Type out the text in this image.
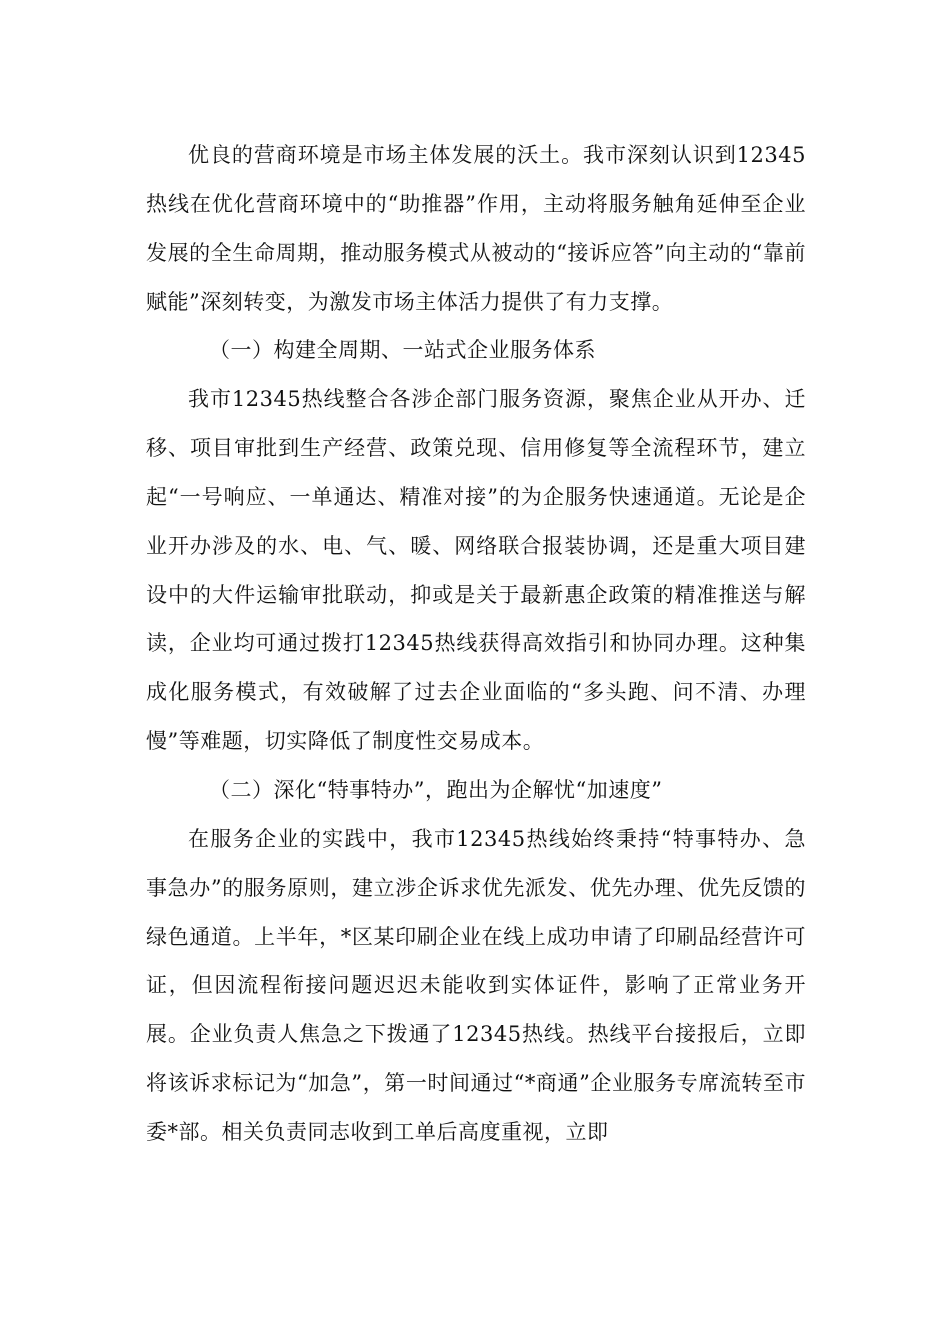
优良的营商环境是市场主体发展的沃土。我市深刻认识到12345热线在优化营商环境中的“助推器”作用，主动将服务触角延伸至企业发展的全生命周期，推动服务模式从被动的“接诉应答”向主动的“靠前赋能”深刻转变，为激发市场主体活力提供了有力支撑。

（一）构建全周期、一站式企业服务体系

我市12345热线整合各涉企部门服务资源，聚焦企业从开办、迁移、项目审批到生产经营、政策兑现、信用修复等全流程环节，建立起“一号响应、一单通达、精准对接”的为企服务快速通道。无论是企业开办涉及的水、电、气、暖、网络联合报装协调，还是重大项目建设中的大件运输审批联动，抑或是关于最新惠企政策的精准推送与解读，企业均可通过拨打12345热线获得高效指引和协同办理。这种集成化服务模式，有效破解了过去企业面临的“多头跑、问不清、办理慢”等难题，切实降低了制度性交易成本。

（二）深化“特事特办”，跑出为企解忧“加速度”

在服务企业的实践中，我市12345热线始终秉持“特事特办、急事急办”的服务原则，建立涉企诉求优先派发、优先办理、优先反馈的绿色通道。上半年，*区某印刷企业在线上成功申请了印刷品经营许可证，但因流程衔接问题迟迟未能收到实体证件，影响了正常业务开展。企业负责人焦急之下拨通了12345热线。热线平台接报后，立即将该诉求标记为“加急”，第一时间通过“*商通”企业服务专席流转至市委*部。相关负责同志收到工单后高度重视，立即
